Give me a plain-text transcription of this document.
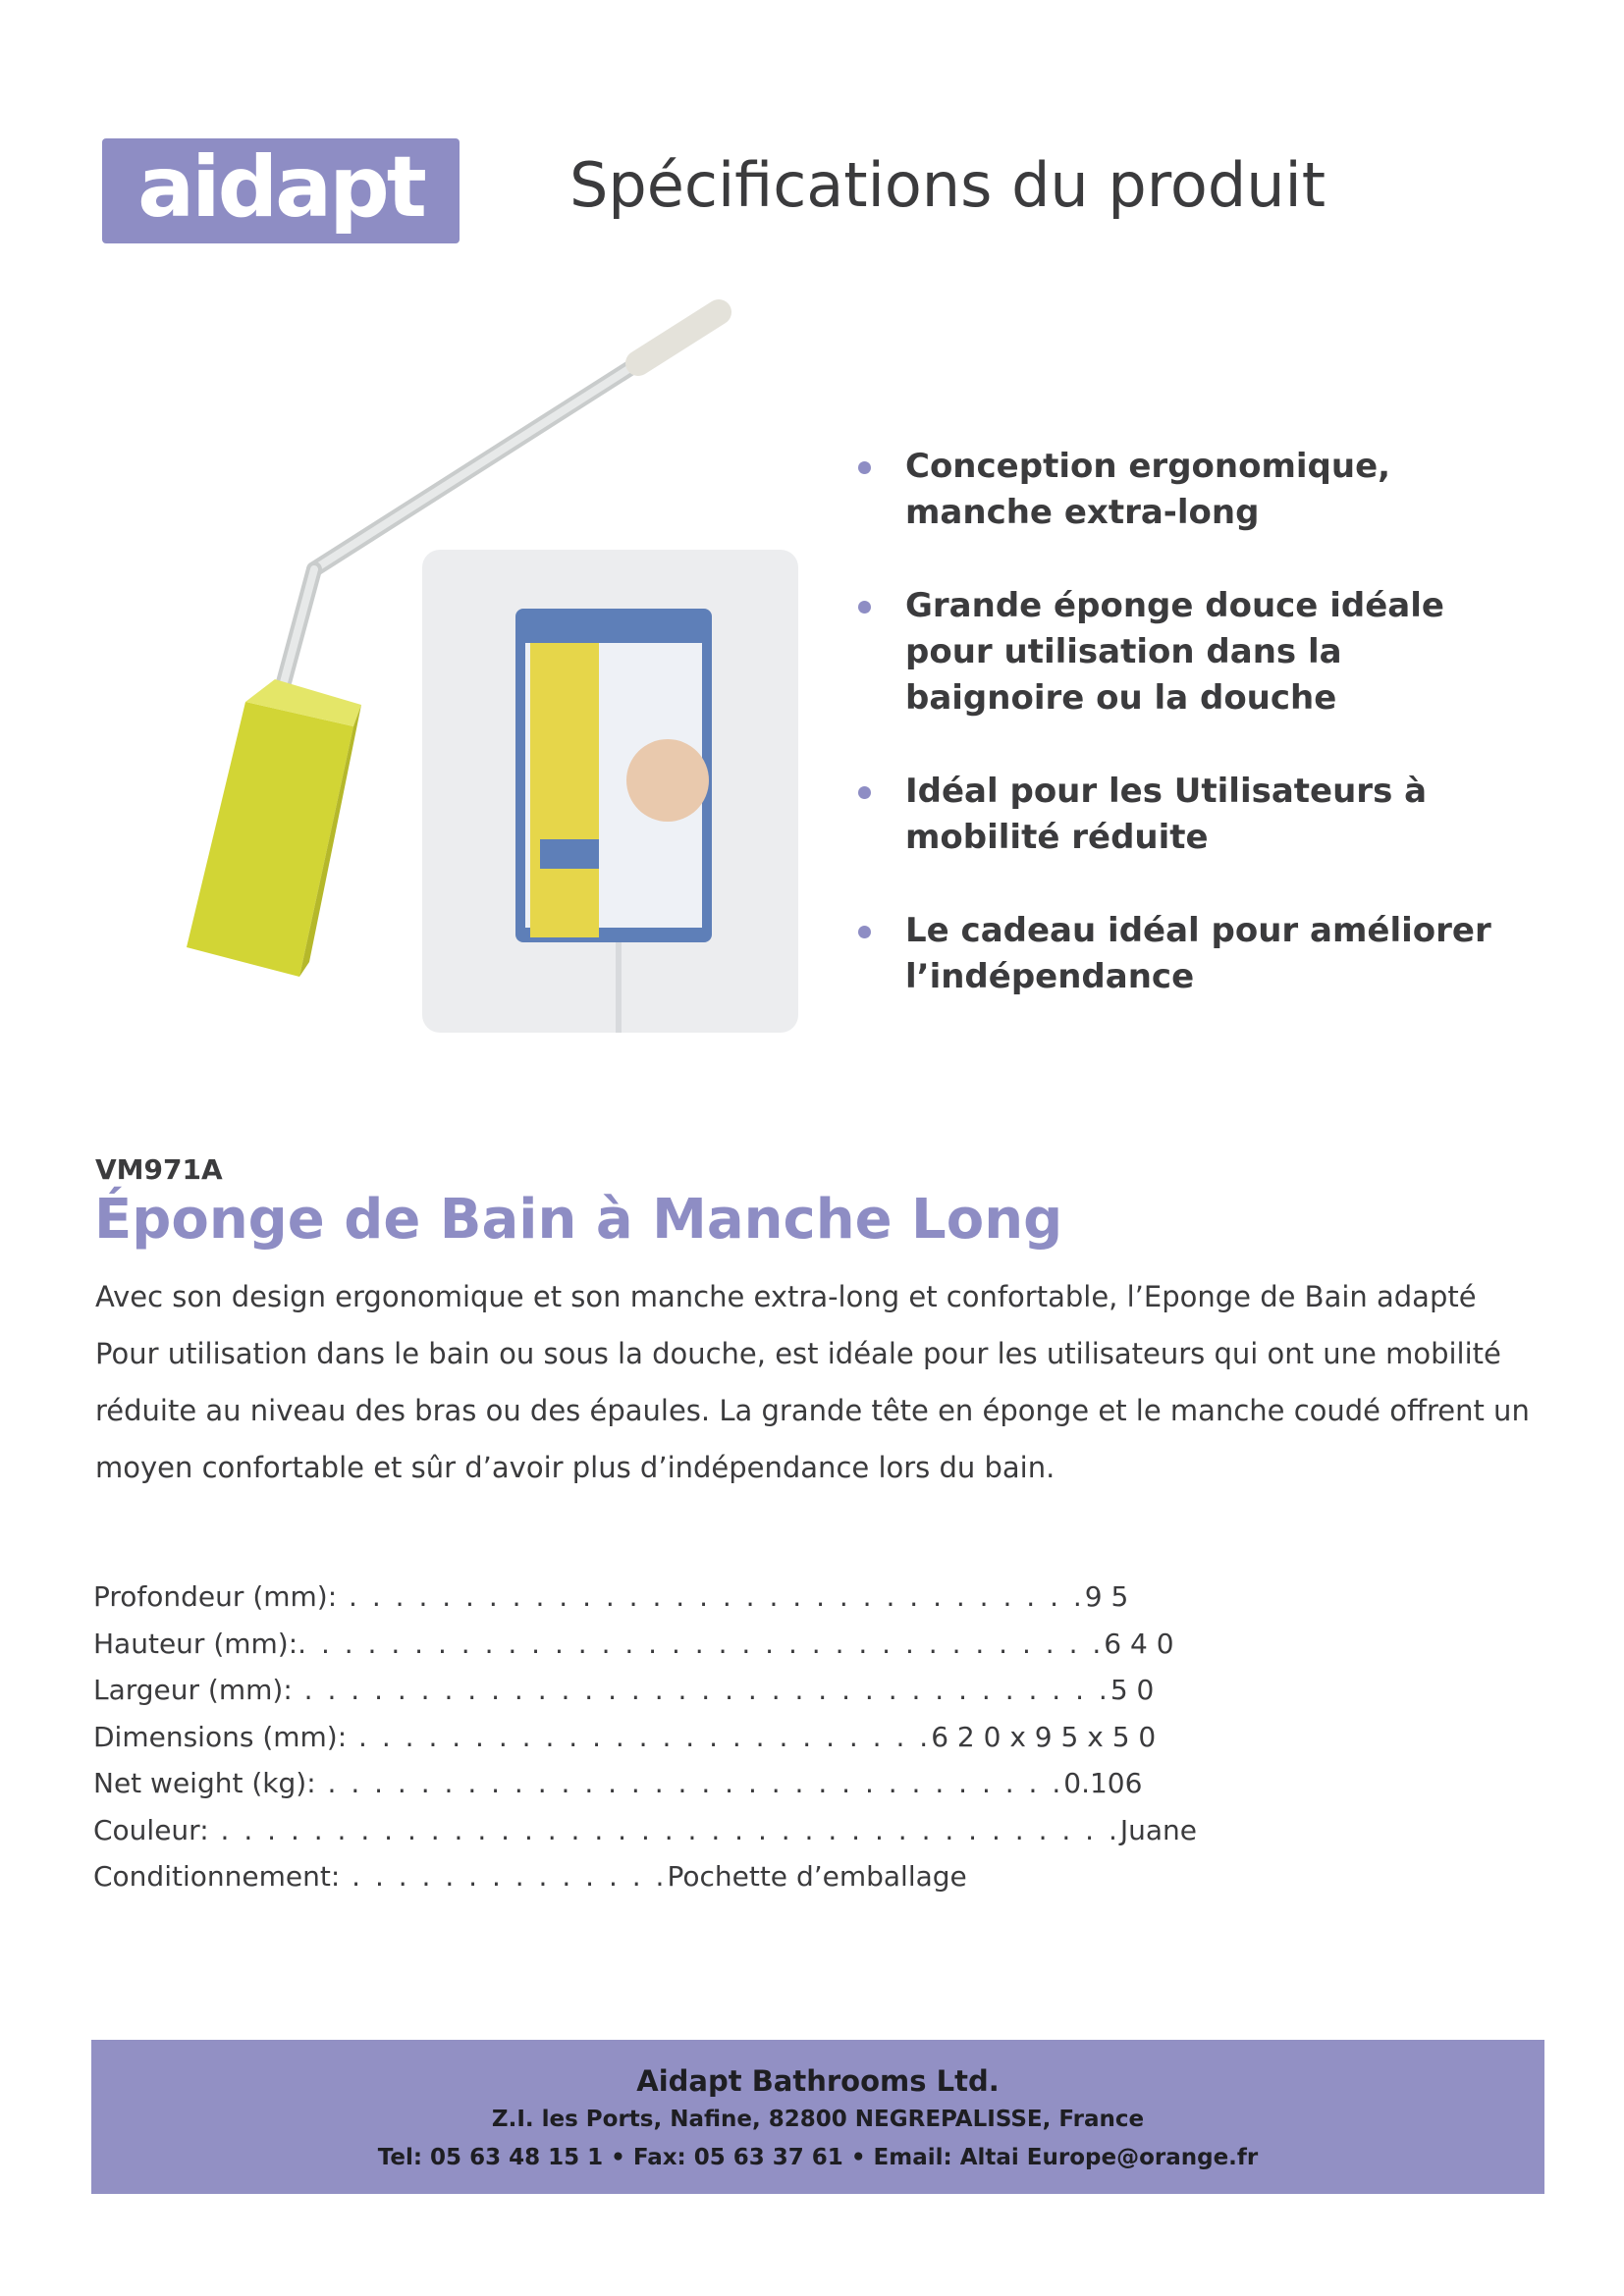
aidapt Spécifications du produit
Conception ergonomique, manche extra-long
Grande éponge douce idéale pour utilisation dans la baignoire ou la douche
Idéal pour les Utilisateurs à mobilité réduite
Le cadeau idéal pour améliorer l’indépendance
VM971A
Éponge de Bain à Manche Long

Avec son design ergonomique et son manche extra-long et confortable, l’Eponge de Bain adapté Pour utilisation dans le bain ou sous la douche, est idéale pour les utilisateurs qui ont une mobilité réduite au niveau des bras ou des épaules. La grande tête en éponge et le manche coudé offrent un moyen confortable et sûr d’avoir plus d’indépendance lors du bain.

Profondeur (mm): . . . . . . . . . . . . . . . . . . . . . . . . . . . . . . . .9 5
Hauteur (mm):. . . . . . . . . . . . . . . . . . . . . . . . . . . . . . . . . . .6 4 0
Largeur (mm): . . . . . . . . . . . . . . . . . . . . . . . . . . . . . . . . . . .5 0
Dimensions (mm): . . . . . . . . . . . . . . . . . . . . . . . . .6 2 0 x 9 5 x 5 0
Net weight (kg): . . . . . . . . . . . . . . . . . . . . . . . . . . . . . . . .0.106
Couleur: . . . . . . . . . . . . . . . . . . . . . . . . . . . . . . . . . . . . . . .Juane
Conditionnement: . . . . . . . . . . . . . .Pochette d’emballage
Aidapt Bathrooms Ltd.
Z.I. les Ports, Nafine, 82800 NEGREPALISSE, France
Tel: 05 63 48 15 1 • Fax: 05 63 37 61 • Email: Altai Europe@orange.fr
